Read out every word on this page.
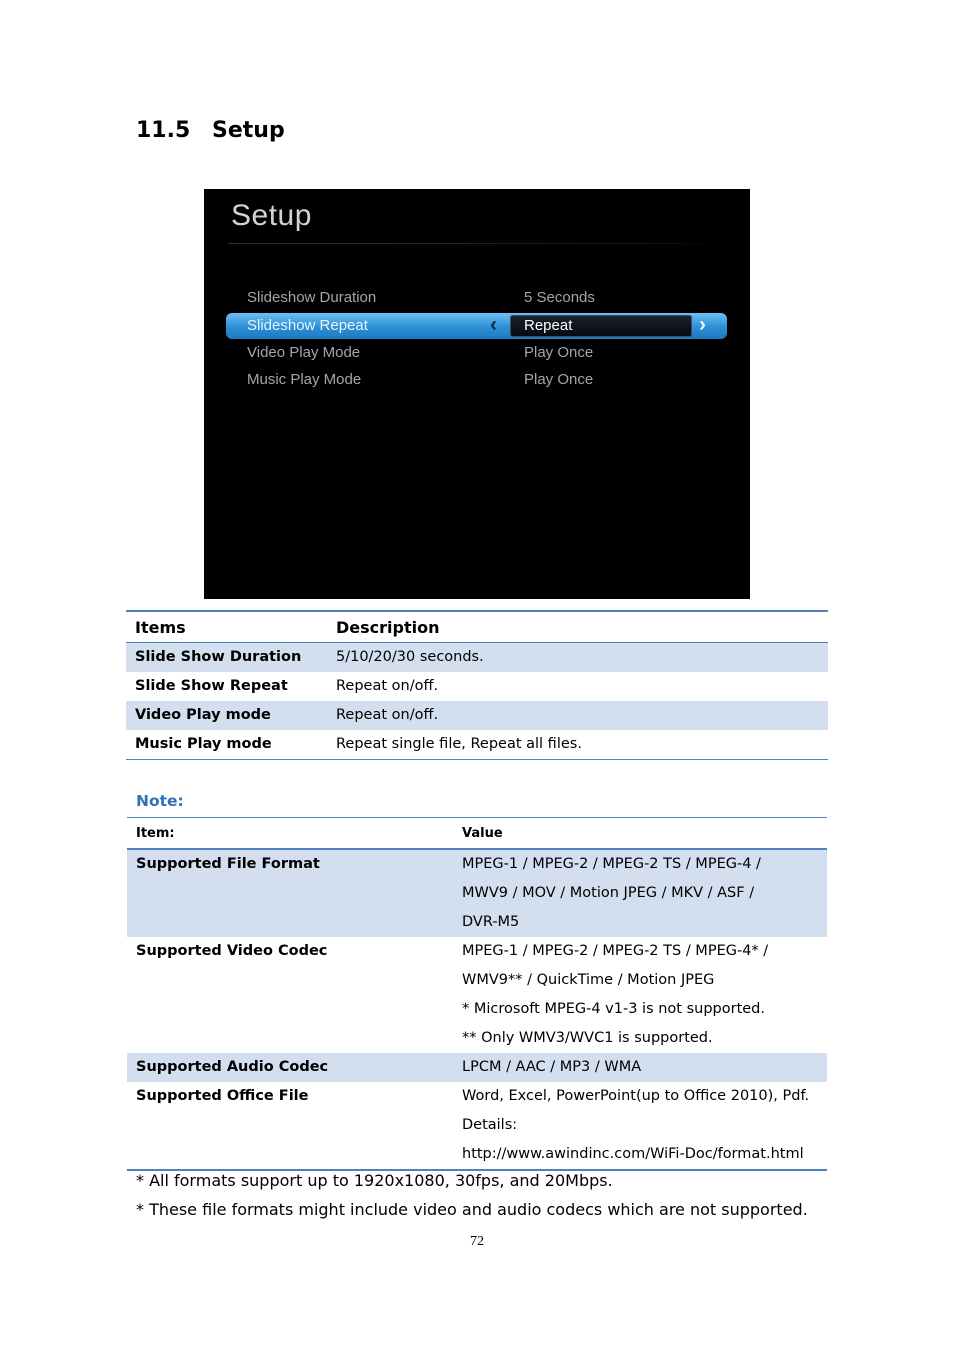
11.5 Setup
Setup
Slideshow Duration	5 Seconds
Slideshow Repeat	‹ Repeat	›
Video Play Mode	Play Once
Music Play Mode	Play Once
Items	Description
Slide Show Duration 5/10/20/30 seconds.
Slide Show Repeat	Repeat on/off.
Video Play mode	Repeat on/off.
Music Play mode	Repeat single file, Repeat all files.
Note:
Item:	Value
Supported File Format	MPEG-1 / MPEG-2 / MPEG-2 TS / MPEG-4 /
MWV9 / MOV / Motion JPEG / MKV / ASF /
DVR-M5
Supported Video Codec	MPEG-1 / MPEG-2 / MPEG-2 TS / MPEG-4* /
WMV9** / QuickTime / Motion JPEG
* Microsoft MPEG-4 v1-3 is not supported.
** Only WMV3/WVC1 is supported.
Supported Audio Codec	LPCM / AAC / MP3 / WMA
Supported Office File	Word, Excel, PowerPoint(up to Office 2010), Pdf.
Details:
http://www.awindinc.com/WiFi-Doc/format.html
* All formats support up to 1920x1080, 30fps, and 20Mbps.
* These file formats might include video and audio codecs which are not supported.
72
